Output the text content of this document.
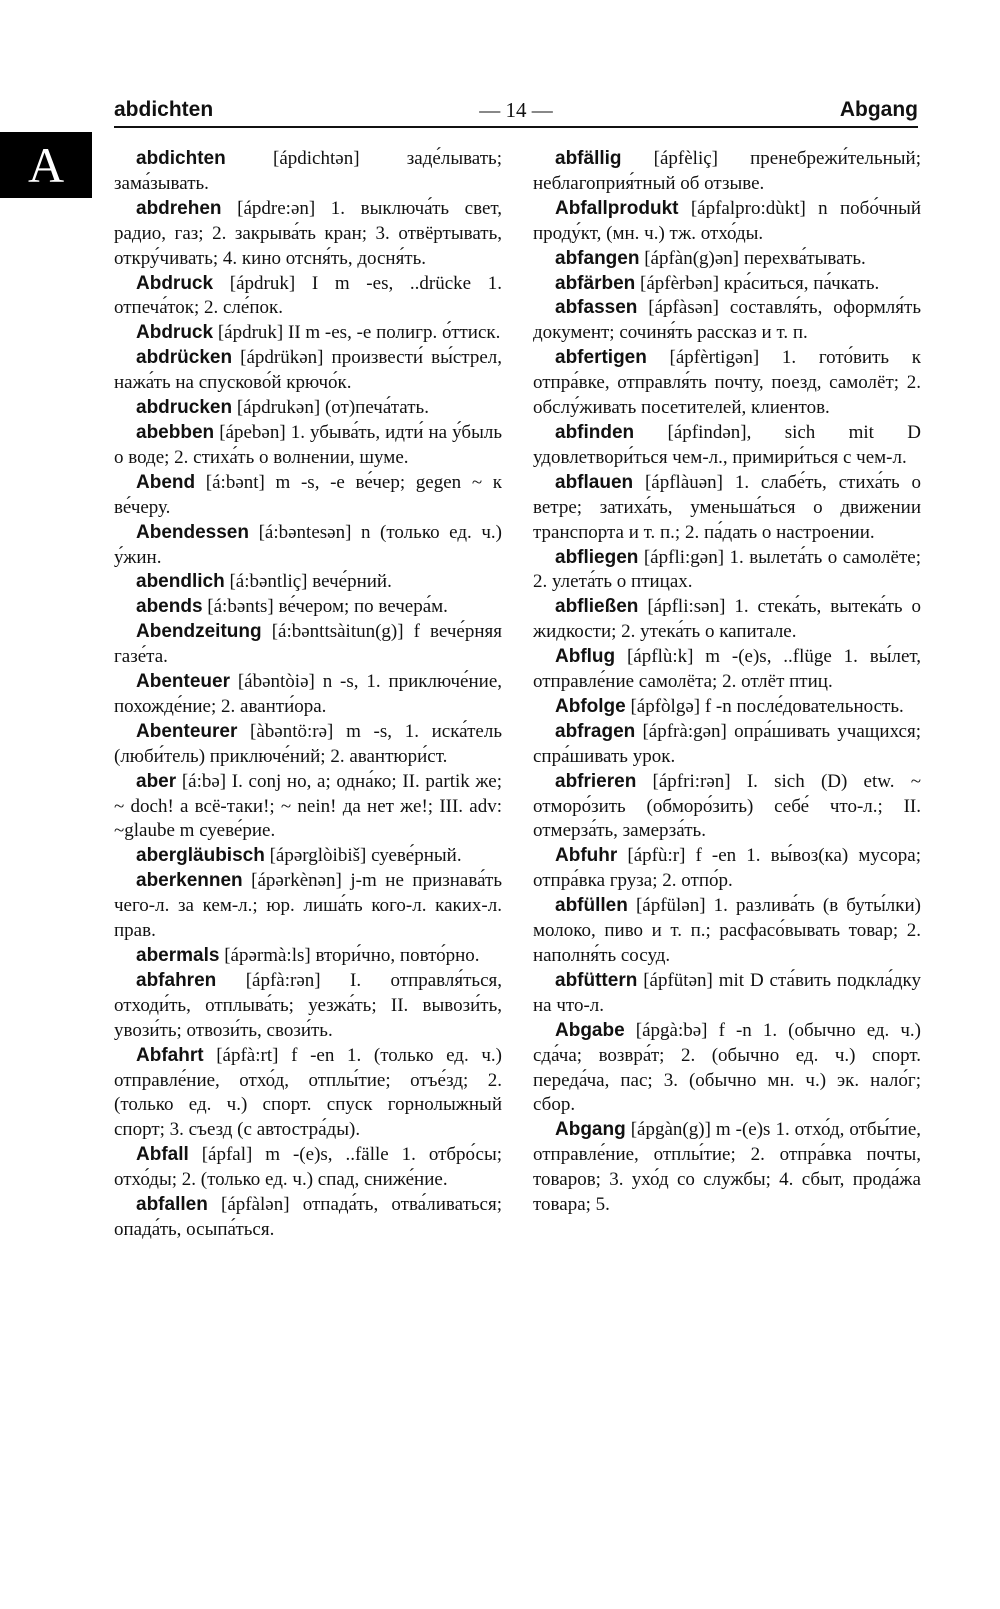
abdichten	— 14 —	Abgang
A	abdichten [ápdichtən] заде́лывать; зама́зывать.

abdrehen [ápdre:ən] 1. выключа́ть свет, радио, газ; 2. закрыва́ть кран; 3. отвёртывать, откру́чивать; 4. кино отсня́ть, досня́ть.

Abdruck [ápdruk] I m -es, ..drücke 1. отпеча́ток; 2. сле́пок.

Abdruck [ápdruk] II m -es, -e полигр. о́ттиск.

abdrücken [ápdrükən] произвести́ вы́стрел, нажа́ть на спусково́й крючо́к.

abdrucken [ápdrukən] (от)печа́тать.

abebben [ápebən] 1. убыва́ть, идти́ на у́быль о воде; 2. стиха́ть о волнении, шуме.

Abend [á:bənt] m -s, -e ве́чер; gegen ~ к ве́черу.

Abendessen [á:bəntesən] n (только ед. ч.) у́жин.

abendlich [á:bəntliç] вече́рний.

abends [á:bənts] ве́чером; по вечера́м.

Abendzeitung [á:bənttsàitun(g)] f вече́рняя газе́та.

Abenteuer [ábəntòiə] n -s, 1. приключе́ние, похожде́ние; 2. аванти́ора.

Abenteurer [àbəntö:rə] m -s, 1. иска́тель (люби́тель) приключе́ний; 2. авантюри́ст.

aber [á:bə] I. conj но, а; одна́ко; II. partik же; ~ doch! а всё-таки!; ~ nein! да нет же!; III. adv: ~glaube m суеве́рие.

abergläubisch [ápərglòibiš] суеве́рный.

aberkennen [ápərkènən] j-m не признава́ть чего-л. за кем-л.; юр. лиша́ть кого-л. каких-л. прав.

abermals [ápərmà:ls] втори́чно, повто́рно.

abfahren [ápfà:rən] I. отправля́ться, отходи́ть, отплыва́ть; уезжа́ть; II. вывози́ть, увози́ть; отвози́ть, свози́ть.

Abfahrt [ápfà:rt] f -en 1. (только ед. ч.) отправле́ние, отхо́д, отплы́тие; отъе́зд; 2. (только ед. ч.) спорт. спуск горнолыжный спорт; 3. съезд (с автостра́ды).

Abfall [ápfal] m -(e)s, ..fälle 1. отбро́сы; отхо́ды; 2. (только ед. ч.) спад, сниже́ние.

abfallen [ápfàlən] отпада́ть, отва́ливаться; опада́ть, осыпа́ться.

abfällig [ápfèliç] пренебрежи́тельный; неблагоприя́тный об отзыве.

Abfallprodukt [ápfalpro:dùkt] n побо́чный проду́кт, (мн. ч.) тж. отхо́ды.

abfangen [ápfàn(g)ən] перехва́тывать.

abfärben [ápfèrbən] кра́ситься, па́чкать.

abfassen [ápfàsən] составля́ть, оформля́ть документ; сочиня́ть рассказ и т. п.

abfertigen [ápfèrtigən] 1. гото́вить к отпра́вке, отправля́ть почту, поезд, самолёт; 2. обслу́живать посетителей, клиентов.

abfinden [ápfindən], sich mit D удовлетвори́ться чем-л., примири́ться с чем-л.

abflauen [ápflàuən] 1. слабе́ть, стиха́ть о ветре; затиха́ть, уменьша́ться о движении транспорта и т. п.; 2. па́дать о настроении.

abfliegen [ápfli:gən] 1. вылета́ть о самолёте; 2. улета́ть о птицах.

abfließen [ápfli:sən] 1. стека́ть, вытека́ть о жидкости; 2. утека́ть о капитале.

Abflug [ápflù:k] m -(e)s, ..flüge 1. вы́лет, отправле́ние самолёта; 2. отлёт птиц.

Abfolge [ápfòlgə] f -n после́довательность.

abfragen [ápfrà:gən] опра́шивать учащихся; спра́шивать урок.

abfrieren [ápfri:rən] I. sich (D) etw. ~ отморо́зить (обморо́зить) себе́ что-л.; II. отмерза́ть, замерза́ть.

Abfuhr [ápfù:r] f -en 1. вы́воз(ка) мусора; отпра́вка груза; 2. отпо́р.

abfüllen [ápfülən] 1. разлива́ть (в буты́лки) молоко, пиво и т. п.; расфасо́вывать товар; 2. наполня́ть сосуд.

abfüttern [ápfütən] mit D ста́вить подкла́дку на что-л.

Abgabe [ápgà:bə] f -n 1. (обычно ед. ч.) сда́ча; возвра́т; 2. (обычно ед. ч.) спорт. переда́ча, пас; 3. (обычно мн. ч.) эк. нало́г; сбор.

Abgang [ápgàn(g)] m -(e)s 1. отхо́д, отбы́тие, отправле́ние, отплы́тие; 2. отпра́вка почты, товаров; 3. ухо́д со службы; 4. сбыт, прода́жа товара; 5.
